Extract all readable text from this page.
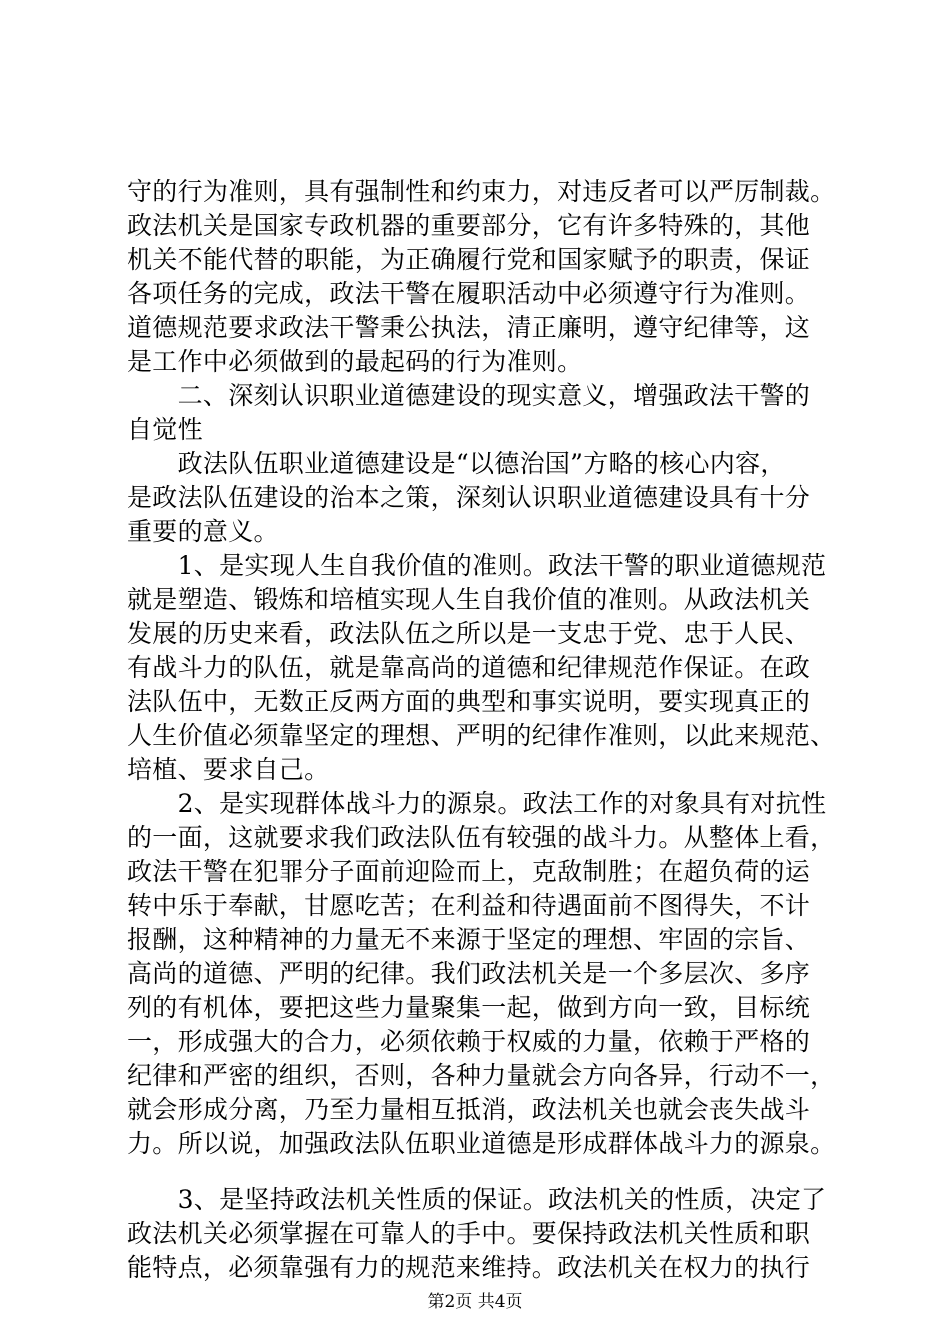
守的行为准则，具有强制性和约束力，对违反者可以严厉制裁。
政法机关是国家专政机器的重要部分，它有许多特殊的，其他
机关不能代替的职能，为正确履行党和国家赋予的职责，保证
各项任务的完成，政法干警在履职活动中必须遵守行为准则。
道德规范要求政法干警秉公执法，清正廉明，遵守纪律等，这
是工作中必须做到的最起码的行为准则。
　　二、深刻认识职业道德建设的现实意义，增强政法干警的
自觉性
　　政法队伍职业道德建设是“以德治国”方略的核心内容，
是政法队伍建设的治本之策，深刻认识职业道德建设具有十分
重要的意义。
　　1、是实现人生自我价值的准则。政法干警的职业道德规范
就是塑造、锻炼和培植实现人生自我价值的准则。从政法机关
发展的历史来看，政法队伍之所以是一支忠于党、忠于人民、
有战斗力的队伍，就是靠高尚的道德和纪律规范作保证。在政
法队伍中，无数正反两方面的典型和事实说明，要实现真正的
人生价值必须靠坚定的理想、严明的纪律作准则，以此来规范、
培植、要求自己。
　　2、是实现群体战斗力的源泉。政法工作的对象具有对抗性
的一面，这就要求我们政法队伍有较强的战斗力。从整体上看，
政法干警在犯罪分子面前迎险而上，克敌制胜；在超负荷的运
转中乐于奉献，甘愿吃苦；在利益和待遇面前不图得失，不计
报酬，这种精神的力量无不来源于坚定的理想、牢固的宗旨、
高尚的道德、严明的纪律。我们政法机关是一个多层次、多序
列的有机体，要把这些力量聚集一起，做到方向一致，目标统
一，形成强大的合力，必须依赖于权威的力量，依赖于严格的
纪律和严密的组织，否则，各种力量就会方向各异，行动不一，
就会形成分离，乃至力量相互抵消，政法机关也就会丧失战斗
力。所以说，加强政法队伍职业道德是形成群体战斗力的源泉。
　　3、是坚持政法机关性质的保证。政法机关的性质，决定了
政法机关必须掌握在可靠人的手中。要保持政法机关性质和职
能特点，必须靠强有力的规范来维持。政法机关在权力的执行
第2页 共4页
